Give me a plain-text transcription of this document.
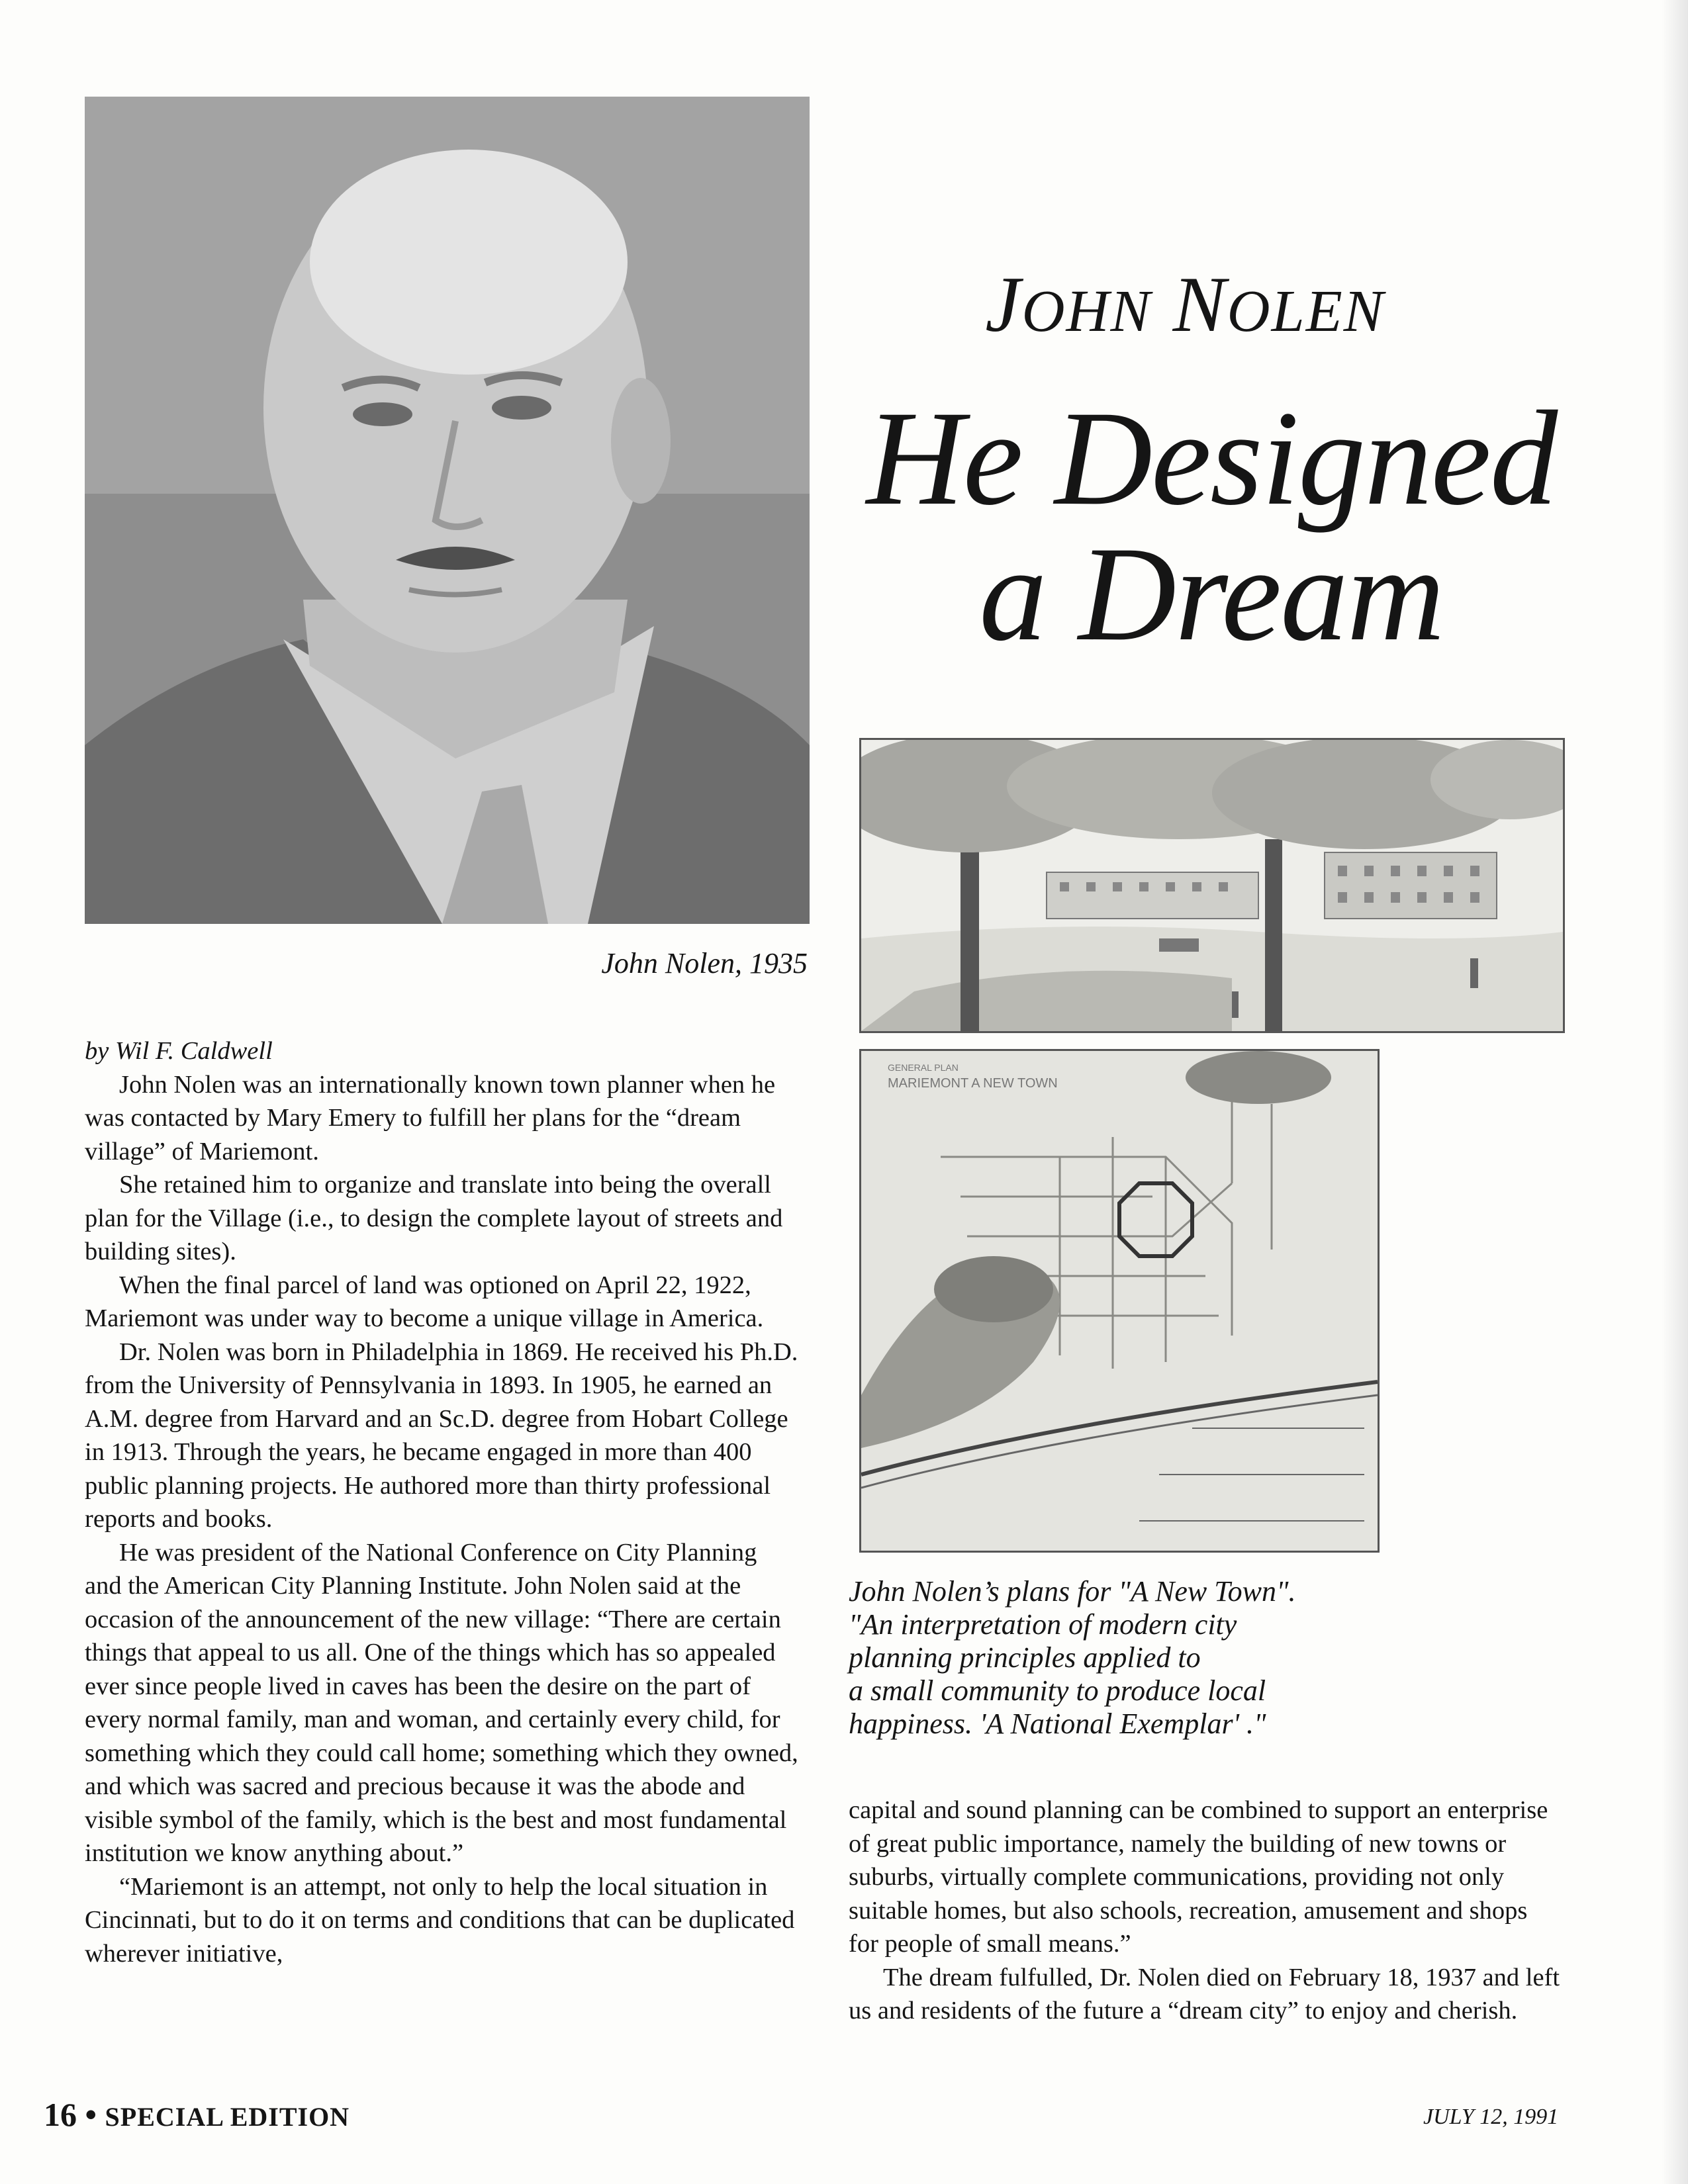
John Nolen, 1935
JOHN NOLEN
He Designed
a Dream
GENERAL PLAN
MARIEMONT A NEW TOWN
John Nolen’s plans for "A New Town".
"An interpretation of modern city
planning principles applied to
a small community to produce local
happiness. 'A National Exemplar' ."

by Wil F. Caldwell

John Nolen was an internationally known town planner when he was contacted by Mary Emery to fulfill her plans for the “dream village” of Mariemont.

She retained him to organize and translate into being the overall plan for the Village (i.e., to design the complete layout of streets and building sites).

When the final parcel of land was optioned on April 22, 1922, Mariemont was under way to become a unique village in America.

Dr. Nolen was born in Philadelphia in 1869. He received his Ph.D. from the University of Pennsylvania in 1893. In 1905, he earned an A.M. degree from Harvard and an Sc.D. degree from Hobart College in 1913. Through the years, he became engaged in more than 400 public planning projects. He authored more than thirty professional reports and books.

He was president of the National Conference on City Planning and the American City Planning Institute. John Nolen said at the occasion of the announcement of the new village: “There are certain things that appeal to us all. One of the things which has so appealed ever since people lived in caves has been the desire on the part of every normal family, man and woman, and certainly every child, for something which they could call home; something which they owned, and which was sacred and precious because it was the abode and visible symbol of the family, which is the best and most fundamental institution we know anything about.”

“Mariemont is an attempt, not only to help the local situation in Cincinnati, but to do it on terms and conditions that can be duplicated wherever initiative,

capital and sound planning can be combined to support an enterprise of great public importance, namely the building of new towns or suburbs, virtually complete communications, providing not only suitable homes, but also schools, recreation, amusement and shops for people of small means.”

The dream fulfulled, Dr. Nolen died on February 18, 1937 and left us and residents of the future a “dream city” to enjoy and cherish.

16 • SPECIAL EDITION	JULY 12, 1991
